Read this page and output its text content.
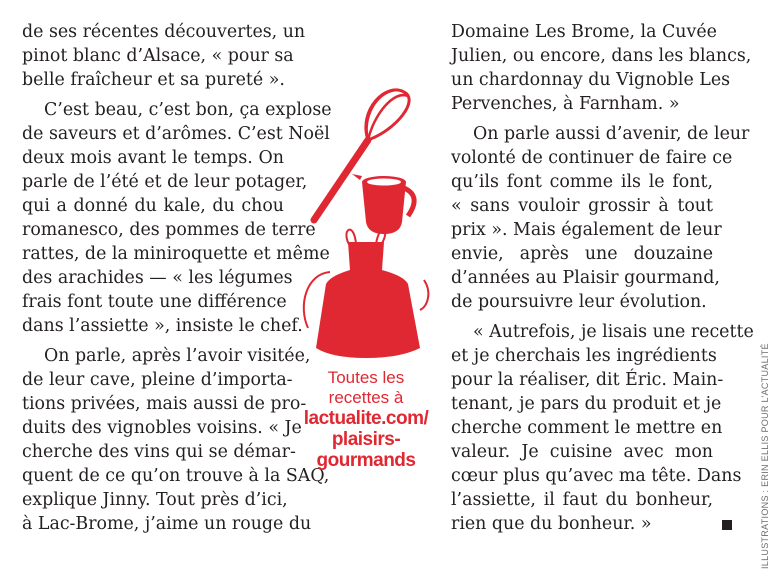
de ses récentes découvertes, un
pinot blanc d’Alsace, « pour sa
belle fraîcheur et sa pureté ».
C’est beau, c’est bon, ça explose
de saveurs et d’arômes. C’est Noël
deux mois avant le temps. On
parle de l’été et de leur potager,
qui a donné du kale, du chou
romanesco, des pommes de terre
rattes, de la miniroquette et même
des arachides — « les légumes
frais font toute une différence
dans l’assiette », insiste le chef.
On parle, après l’avoir visitée,
de leur cave, pleine d’importa-
tions privées, mais aussi de pro-
duits des vignobles voisins. « Je
cherche des vins qui se démar-
quent de ce qu’on trouve à la SAQ,
explique Jinny. Tout près d’ici,
à Lac-Brome, j’aime un rouge du
Toutes les
recettes à
lactualite.com/
plaisirs-
gourmands
Domaine Les Brome, la Cuvée
Julien, ou encore, dans les blancs,
un chardonnay du Vignoble Les
Pervenches, à Farnham. »
On parle aussi d’avenir, de leur
volonté de continuer de faire ce
qu’ils font comme ils le font,
« sans vouloir grossir à tout
prix ». Mais également de leur
envie, après une douzaine
d’années au Plaisir gourmand,
de poursuivre leur évolution.
« Autrefois, je lisais une recette
et je cherchais les ingrédients
pour la réaliser, dit Éric. Main-
tenant, je pars du produit et je
cherche comment le mettre en
valeur. Je cuisine avec mon
cœur plus qu’avec ma tête. Dans
l’assiette, il faut du bonheur,
rien que du bonheur. »	ILLUSTRATIONS : ERIN ELLIS POUR L’ACTUALITÉ
